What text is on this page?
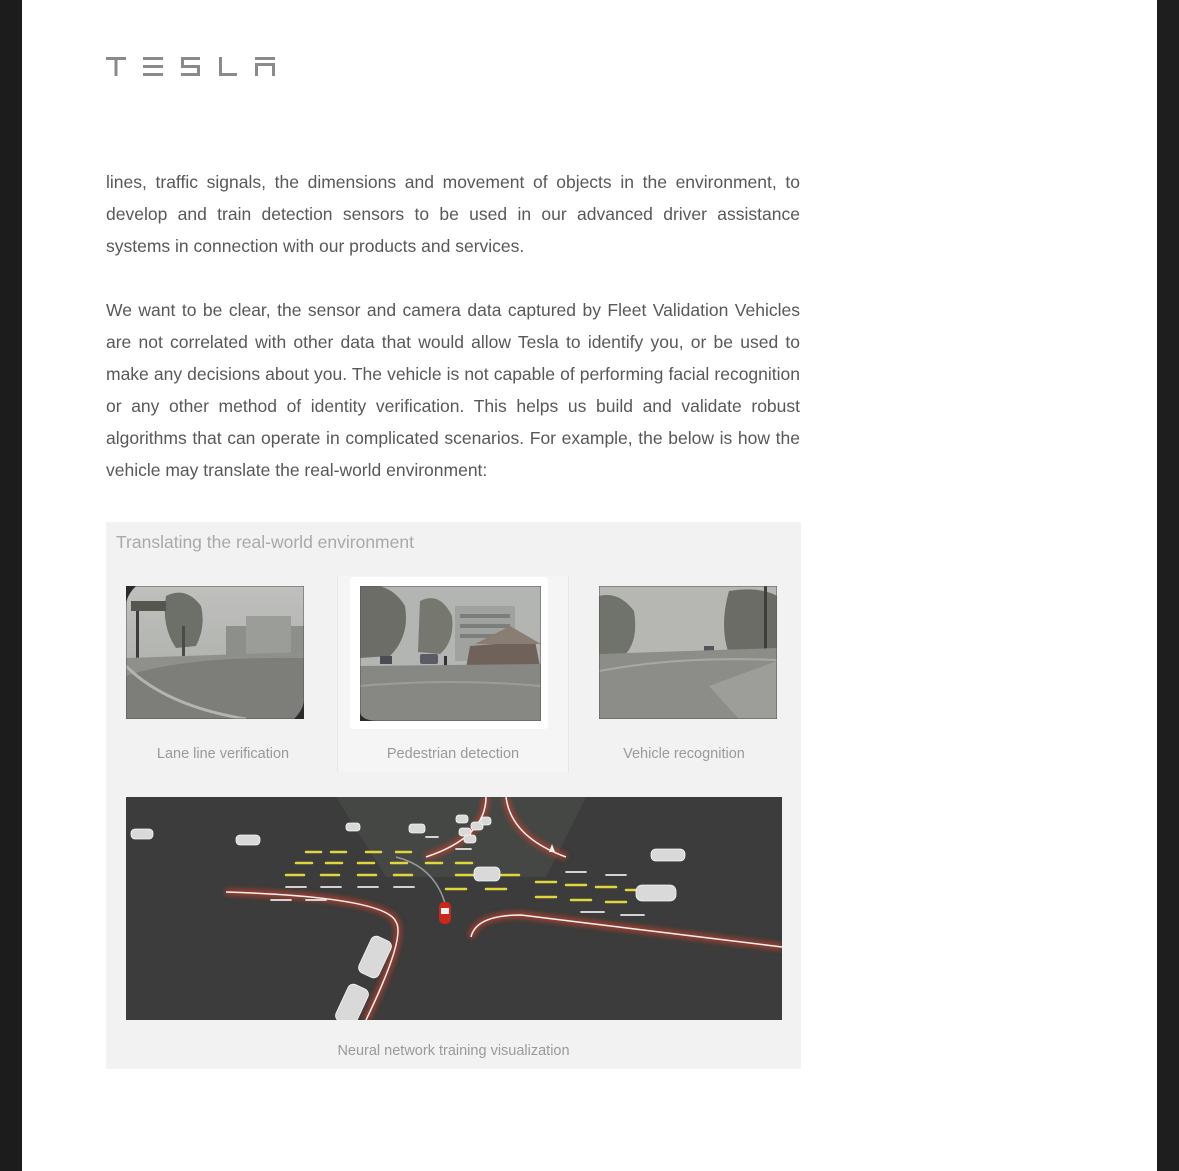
lines, traffic signals, the dimensions and movement of objects in the environment, to develop and train detection sensors to be used in our advanced driver assistance systems in connection with our products and services.

We want to be clear, the sensor and camera data captured by Fleet Validation Vehicles are not correlated with other data that would allow Tesla to identify you, or be used to make any decisions about you. The vehicle is not capable of performing facial recognition or any other method of identity verification. This helps us build and validate robust algorithms that can operate in complicated scenarios. For example, the below is how the vehicle may translate the real-world environment:

Translating the real-world environment
Lane line verification	Pedestrian detection	Vehicle recognition
Neural network training visualization
